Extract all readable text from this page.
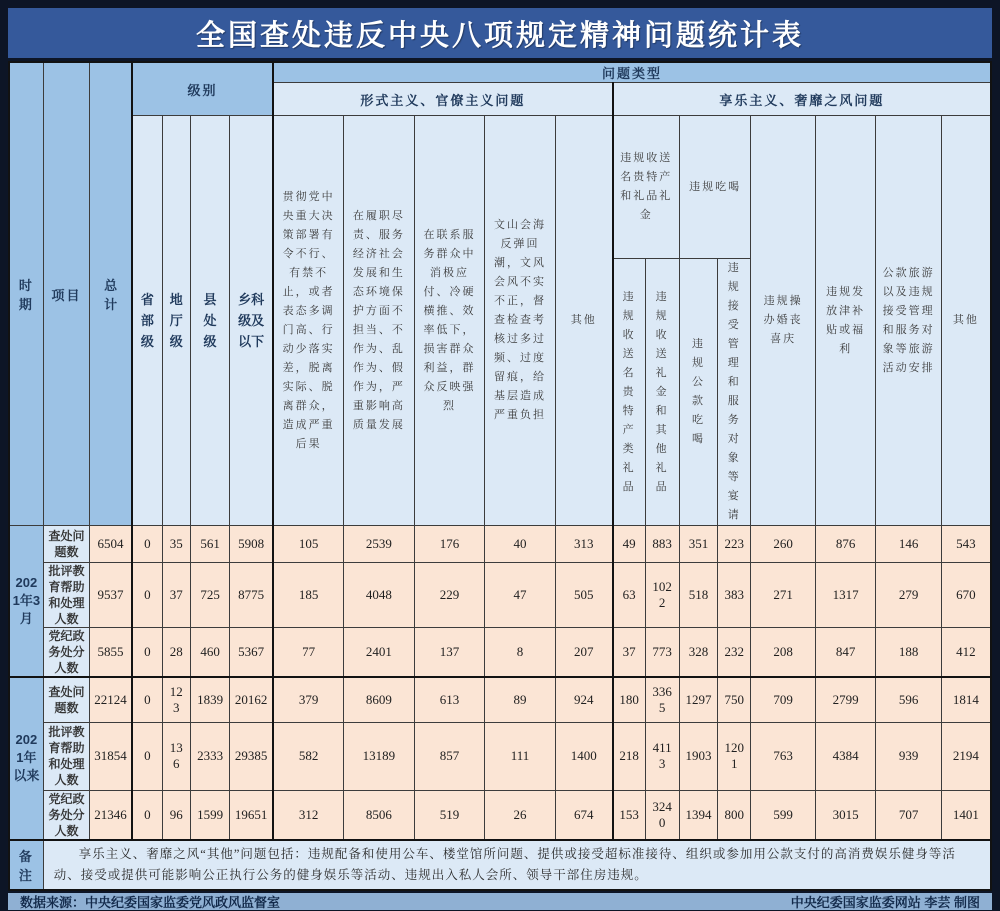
全国查处违反中央八项规定精神问题统计表
时期	项目	总计	级别				问题类型												
							形式主义、官僚主义问题					享乐主义、奢靡之风问题							
			省部级	地厅级	县处级	乡科级及以下	贯彻党中央重大决策部署有令不行、有禁不止，或者表态多调门高、行动少落实差，脱离实际、脱离群众，造成严重后果	在履职尽责、服务经济社会发展和生态环境保护方面不担当、不作为、乱作为、假作为，严重影响高质量发展	在联系服务群众中消极应付、冷硬横推、效率低下，损害群众利益，群众反映强烈	文山会海反弹回潮，文风会风不实不正，督查检查考核过多过频、过度留痕，给基层造成严重负担	其他	违规收送名贵特产和礼品礼金		违规吃喝		违规操办婚丧喜庆	违规发放津补贴或福利	公款旅游以及违规接受管理和服务对象等旅游活动安排	其他
												违规收送名贵特产类礼品	违规收送礼金和其他礼品	违规公款吃喝	违规接受管理和服务对象等宴请				
2021年3月	查处问题数	6504	0	35	561	5908	105	2539	176	40	313	49	883	351	223	260	876	146	543
	批评教育帮助和处理人数	9537	0	37	725	8775	185	4048	229	47	505	63	1022	518	383	271	1317	279	670
	党纪政务处分人数	5855	0	28	460	5367	77	2401	137	8	207	37	773	328	232	208	847	188	412
2021年以来	查处问题数	22124	0	123	1839	20162	379	8609	613	89	924	180	3365	1297	750	709	2799	596	1814
	批评教育帮助和处理人数	31854	0	136	2333	29385	582	13189	857	111	1400	218	4113	1903	1201	763	4384	939	2194
	党纪政务处分人数	21346	0	96	1599	19651	312	8506	519	26	674	153	3240	1394	800	599	3015	707	1401
备注	享乐主义、奢靡之风“其他”问题包括：违规配备和使用公车、楼堂馆所问题、提供或接受超标准接待、组织或参加用公款支付的高消费娱乐健身等活动、接受或提供可能影响公正执行公务的健身娱乐等活动、违规出入私人会所、领导干部住房违规。																		
数据来源：中央纪委国家监委党风政风监督室	中央纪委国家监委网站 李芸 制图
